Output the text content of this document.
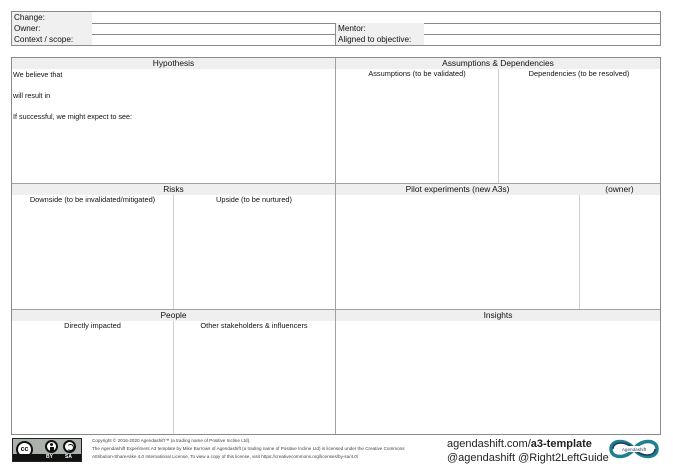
Change:
Owner:	Mentor:
Context / scope:	Aligned to objective:
Hypothesis
We believe that
will result in
If successful, we might expect to see:
Assumptions & Dependencies
Assumptions (to be validated)	Dependencies (to be resolved)
Risks
Downside (to be invalidated/mitigated)	Upside (to be nurtured)
Pilot experiments (new A3s)	(owner)
People
Directly impacted	Other stakeholders & influencers
Insights
cc
BY SA
Copyright © 2016-2020 Agendashift™ (a trading name of Positive Incline Ltd).
The Agendashift Experiment A3 template by Mike Burrows of Agendashift (a trading name of Positive Incline Ltd) is licensed under the Creative Commons
Attribution-ShareAlike 4.0 International License. To view a copy of this license, visit https://creativecommons.org/licenses/by-sa/4.0/
agendashift.com/a3-template
@agendashift @Right2LeftGuide
Agendashift
